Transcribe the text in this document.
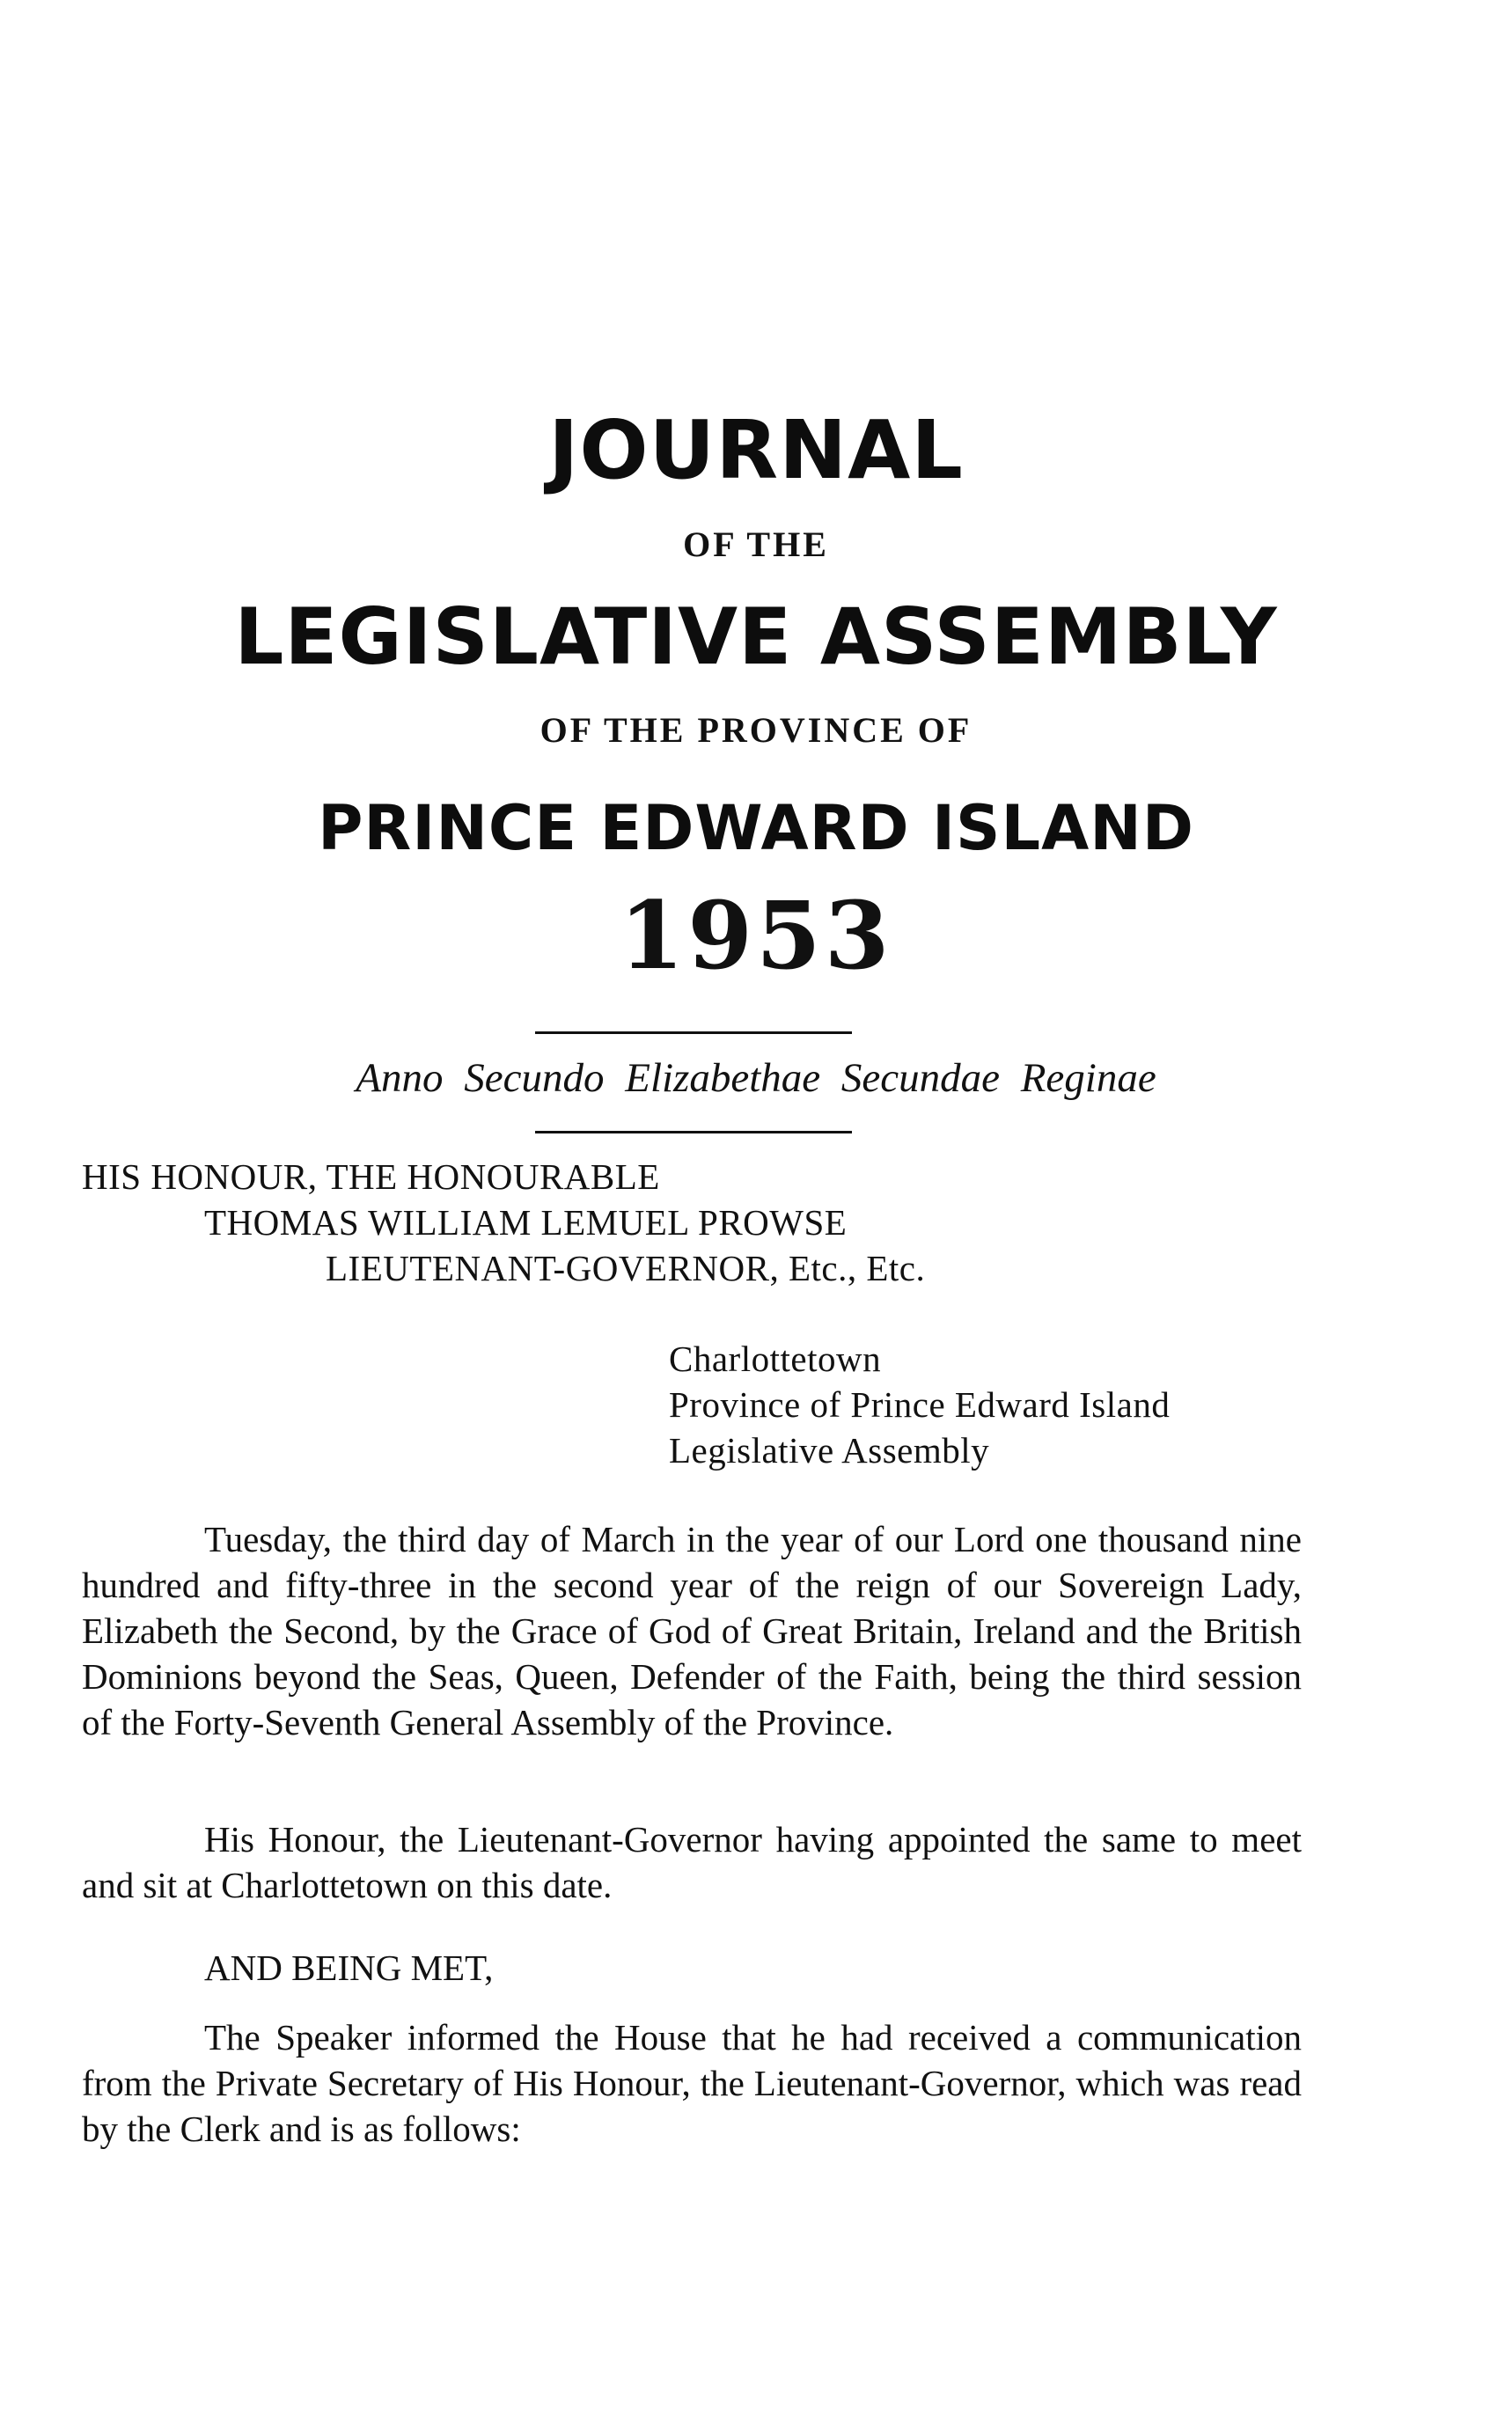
JOURNAL
OF THE
LEGISLATIVE ASSEMBLY
OF THE PROVINCE OF
PRINCE EDWARD ISLAND
1953
Anno Secundo Elizabethae Secundae Reginae
HIS HONOUR, THE HONOURABLE
THOMAS WILLIAM LEMUEL PROWSE
LIEUTENANT-GOVERNOR, Etc., Etc.
Charlottetown
Province of Prince Edward Island
Legislative Assembly

Tuesday, the third day of March in the year of our Lord one thousand nine hundred and fifty-three in the second year of the reign of our Sovereign Lady, Elizabeth the Second, by the Grace of God of Great Britain, Ireland and the British Dominions beyond the Seas, Queen, Defender of the Faith, being the third session of the Forty-Seventh General Assembly of the Province.

His Honour, the Lieutenant-Governor having appointed the same to meet and sit at Charlottetown on this date.

AND BEING MET,

The Speaker informed the House that he had received a communication from the Private Secretary of His Honour, the Lieutenant-Governor, which was read by the Clerk and is as follows:
